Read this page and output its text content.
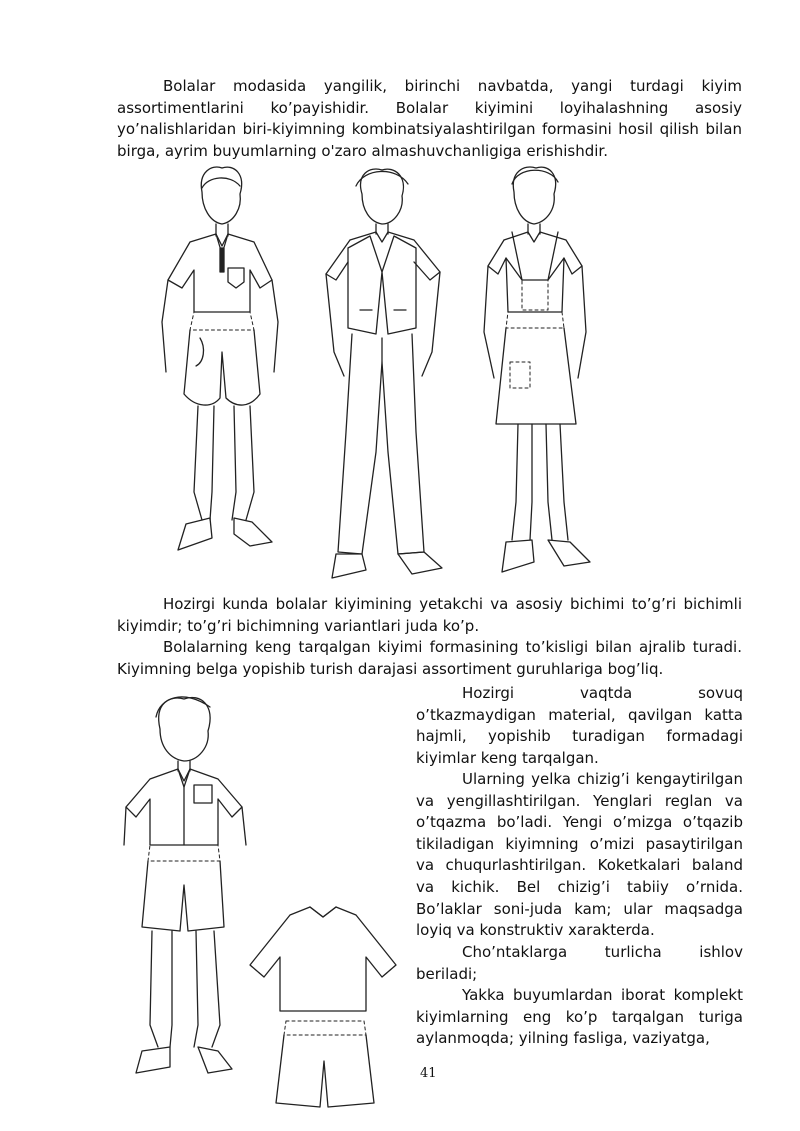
Bolalar modasida yangilik, birinchi navbatda, yangi turdagi kiyim assortimentlarini ko’payishidir. Bolalar kiyimini loyihalashning asosiy yo’nalishlaridan biri-kiyimning kombinatsiyalashtirilgan formasini hosil qilish bilan birga, ayrim buyumlarning o'zaro almashuvchanligiga erishishdir.

Hozirgi kunda bolalar kiyimining yetakchi va asosiy bichimi to’g’ri bichimli kiyimdir; to’g’ri bichimning variantlari juda ko’p.

Bolalarning keng tarqalgan kiyimi formasining to’kisligi bilan ajralib turadi. Kiyimning belga yopishib turish darajasi assortiment guruhlariga bog’liq.

Hozirgi vaqtda sovuq o’tkazmaydigan material, qavilgan katta hajmli, yopishib turadigan formadagi kiyimlar keng tarqalgan.

Ularning yelka chizig’i kengaytirilgan va yengillashtirilgan. Yenglari reglan va o’tqazma bo’ladi. Yengi o’mizga o’tqazib tikiladigan kiyimning o’mizi pasaytirilgan va chuqurlashtirilgan. Koketkalari baland va kichik. Bel chizig’i tabiiy o’rnida. Bo’laklar soni-juda kam; ular maqsadga loyiq va konstruktiv xarakterda.

Cho’ntaklarga turlicha ishlov beriladi;

Yakka buyumlardan iborat komplekt kiyimlarning eng ko’p tarqalgan turiga aylanmoqda; yilning fasliga, vaziyatga,

41
